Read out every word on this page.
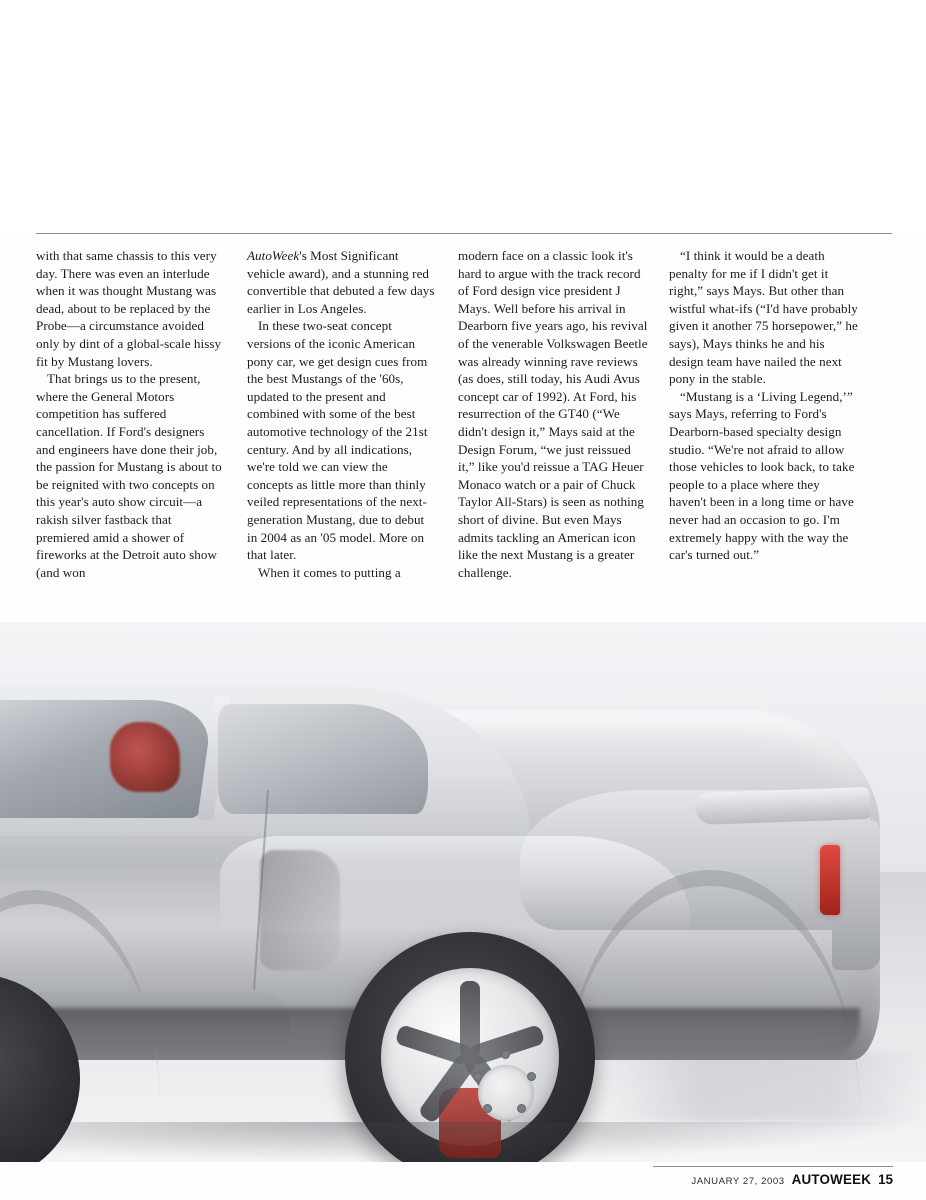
with that same chassis to this very day. There was even an interlude when it was thought Mustang was dead, about to be replaced by the Probe—a circumstance avoided only by dint of a global-scale hissy fit by Mustang lovers.

That brings us to the present, where the General Motors competition has suffered cancellation. If Ford's designers and engineers have done their job, the passion for Mustang is about to be reignited with two concepts on this year's auto show circuit—a rakish silver fastback that premiered amid a shower of fireworks at the Detroit auto show (and won

AutoWeek's Most Significant vehicle award), and a stunning red convertible that debuted a few days earlier in Los Angeles.

In these two-seat concept versions of the iconic American pony car, we get design cues from the best Mustangs of the '60s, updated to the present and combined with some of the best automotive technology of the 21st century. And by all indications, we're told we can view the concepts as little more than thinly veiled representations of the next-generation Mustang, due to debut in 2004 as an '05 model. More on that later.

When it comes to putting a

modern face on a classic look it's hard to argue with the track record of Ford design vice president J Mays. Well before his arrival in Dearborn five years ago, his revival of the venerable Volkswagen Beetle was already winning rave reviews (as does, still today, his Audi Avus concept car of 1992). At Ford, his resurrection of the GT40 (“We didn't design it,” Mays said at the Design Forum, “we just reissued it,” like you'd reissue a TAG Heuer Monaco watch or a pair of Chuck Taylor All-Stars) is seen as nothing short of divine. But even Mays admits tackling an American icon like the next Mustang is a greater challenge.

“I think it would be a death penalty for me if I didn't get it right,” says Mays. But other than wistful what-ifs (“I'd have probably given it another 75 horsepower,” he says), Mays thinks he and his design team have nailed the next pony in the stable.

“Mustang is a ‘Living Legend,’” says Mays, referring to Ford's Dearborn-based specialty design studio. “We're not afraid to allow those vehicles to look back, to take people to a place where they haven't been in a long time or have never had an occasion to go. I'm extremely happy with the way the car's turned out.”

JANUARY 27, 2003 AUTOWEEK 15
